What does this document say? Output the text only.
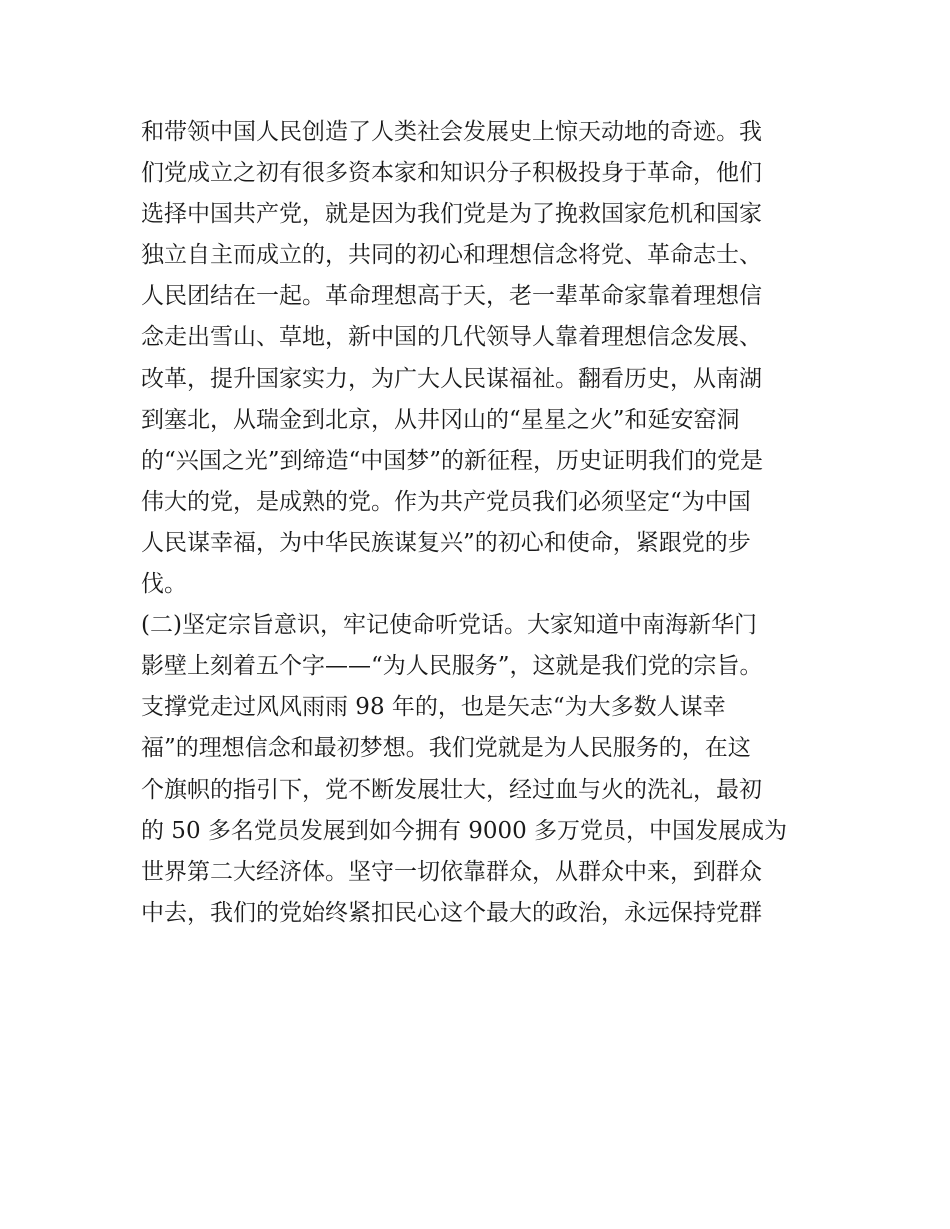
和带领中国人民创造了人类社会发展史上惊天动地的奇迹。我
们党成立之初有很多资本家和知识分子积极投身于革命，他们
选择中国共产党，就是因为我们党是为了挽救国家危机和国家
独立自主而成立的，共同的初心和理想信念将党、革命志士、
人民团结在一起。革命理想高于天，老一辈革命家靠着理想信
念走出雪山、草地，新中国的几代领导人靠着理想信念发展、
改革，提升国家实力，为广大人民谋福祉。翻看历史，从南湖
到塞北，从瑞金到北京，从井冈山的“星星之火”和延安窑洞
的“兴国之光”到缔造“中国梦”的新征程，历史证明我们的党是
伟大的党，是成熟的党。作为共产党员我们必须坚定“为中国
人民谋幸福，为中华民族谋复兴”的初心和使命，紧跟党的步
伐。
(二)坚定宗旨意识，牢记使命听党话。大家知道中南海新华门
影壁上刻着五个字——“为人民服务”，这就是我们党的宗旨。
支撑党走过风风雨雨 98 年的，也是矢志“为大多数人谋幸
福”的理想信念和最初梦想。我们党就是为人民服务的，在这
个旗帜的指引下，党不断发展壮大，经过血与火的洗礼，最初
的 50 多名党员发展到如今拥有 9000 多万党员，中国发展成为
世界第二大经济体。坚守一切依靠群众，从群众中来，到群众
中去，我们的党始终紧扣民心这个最大的政治，永远保持党群
